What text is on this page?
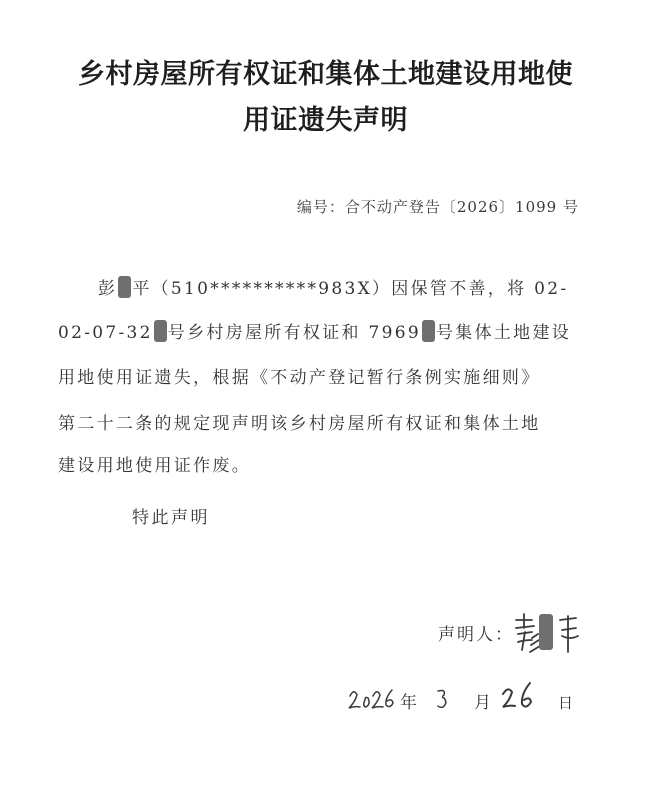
乡村房屋所有权证和集体土地建设用地使
用证遗失声明
编号：合不动产登告〔2026〕1099 号
彭 平（510**********983X）因保管不善，将 02-
02-07-32 号乡村房屋所有权证和 7969 号集体土地建设
用地使用证遗失，根据《不动产登记暂行条例实施细则》
第二十二条的规定现声明该乡村房屋所有权证和集体土地
建设用地使用证作废。
特此声明
声明人：
年	月	日
